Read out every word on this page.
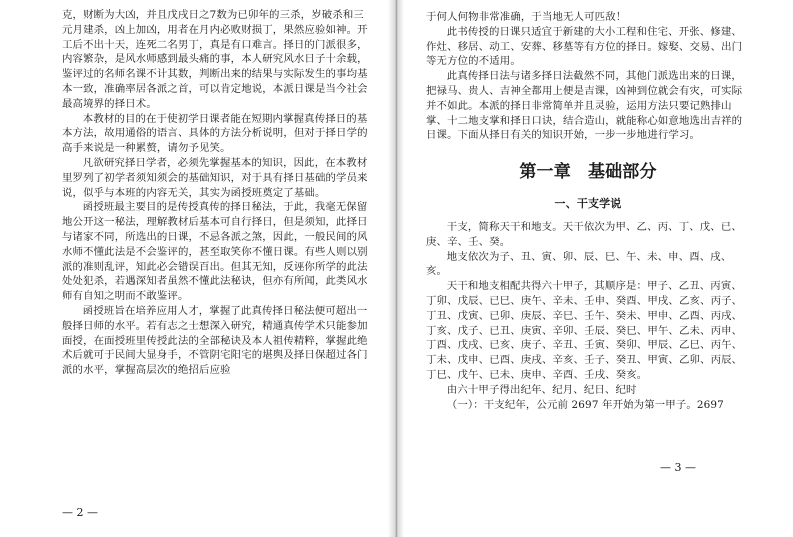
克，财断为大凶，并且戊戌日之7数为已卯年的三杀，岁破杀和三元月建杀，凶上加凶，用者在月内必败财损丁，果然应验如神。开工后不出十天，连死二名男丁，真是有口难言。择日的门派很多，内容繁杂，是风水师感到最头痛的事，本人研究风水日子十余载，鉴评过的名师名课不计其数，判断出来的结果与实际发生的事均基本一致，准确率居各派之首，可以肯定地说，本派日课是当今社会最高境界的择日术。

本教材的目的在于使初学日课者能在短期内掌握真传择日的基本方法，故用通俗的语言、具体的方法分析说明，但对于择日学的高手来说是一种累赘，请勿予见笑。

凡欲研究择日学者，必须先掌握基本的知识，因此，在本教材里罗列了初学者须知须会的基础知识，对于具有择日基础的学员来说，似乎与本班的内容无关，其实为函授班奠定了基础。

函授班最主要目的是传授真传的择日秘法，于此，我毫无保留地公开这一秘法，理解教材后基本可自行择日，但是须知，此择日与诸家不同，所选出的日课，不忌各派之煞，因此，一般民间的风水师不懂此法是不会鉴评的，甚至取笑你不懂日课。有些人则以别派的准则乱评，知此必会错误百出。但其无知，反诬你所学的此法处处犯杀，若遇深知者虽然不懂此法秘诀，但亦有所闻，此类风水师有自知之明而不敢鉴评。

函授班旨在培养应用人才，掌握了此真传择日秘法便可超出一般择日师的水平。若有志之士想深入研究，精通真传学术只能参加面授，在面授班里传授此法的全部秘诀及本人祖传精粹，掌握此绝术后就可于民间大显身手，不管阴宅阳宅的堪舆及择日保超过各门派的水平，掌握高层次的绝招后应验

— 2 —

于何人何物非常准确，于当地无人可匹敌！

此书传授的日课只适宜于新建的大小工程和住宅、开张、修建、作灶、移居、动工、安葬、移墓等有方位的择日。嫁娶、交易、出门等无方位的不适用。

此真传择日法与诸多择日法截然不同，其他门派选出来的日课，把禄马、贵人、吉神全都用上便是吉课，凶神到位就会有灾，可实际并不如此。本派的择日非常简单并且灵验，运用方法只要记熟排山掌、十二地支掌和择日口诀，结合造山，就能称心如意地选出吉祥的日课。下面从择日有关的知识开始，一步一步地进行学习。

第一章　基础部分
一、干支学说

干支，简称天干和地支。天干依次为甲、乙、丙、丁、戊、已、庚、辛、壬、癸。

地支依次为子、丑、寅、卯、辰、巳、午、未、申、酉、戌、亥。

天干和地支相配共得六十甲子，其顺序是：甲子、乙丑、丙寅、丁卯、戊辰、已巳、庚午、辛未、壬申、癸酉、甲戌、乙亥、丙子、丁丑、戊寅、已卯、庚辰、辛巳、壬午、癸未、甲申、乙酉、丙戌、丁亥、戊子、已丑、庚寅、辛卯、壬辰、癸巳、甲午、乙未、丙申、丁酉、戊戌、已亥、庚子、辛丑、壬寅、癸卯、甲辰、乙巳、丙午、丁未、戊申、已酉、庚戌、辛亥、壬子、癸丑、甲寅、乙卯、丙辰、丁巳、戊午、已未、庚申、辛酉、壬戌、癸亥。

由六十甲子得出纪年、纪月、纪日、纪时

（一）：干支纪年，公元前 2697 年开始为第一甲子。2697

— 3 —
